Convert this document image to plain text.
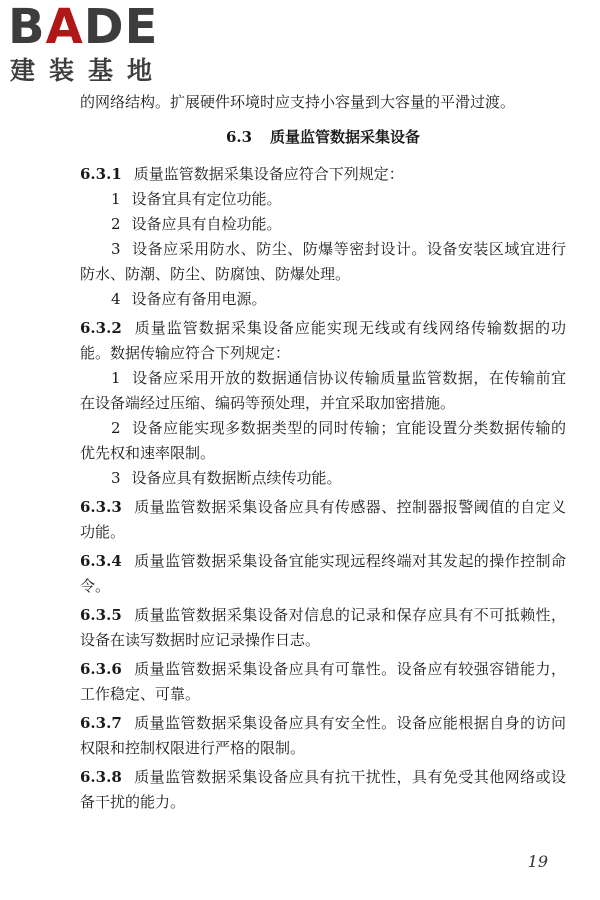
BADE
建装基地

的网络结构。扩展硬件环境时应支持小容量到大容量的平滑过渡。

6.3 质量监管数据采集设备

6.3.1 质量监管数据采集设备应符合下列规定：

1 设备宜具有定位功能。

2 设备应具有自检功能。

3 设备应采用防水、防尘、防爆等密封设计。设备安装区域宜进行防水、防潮、防尘、防腐蚀、防爆处理。

4 设备应有备用电源。

6.3.2 质量监管数据采集设备应能实现无线或有线网络传输数据的功能。数据传输应符合下列规定：

1 设备应采用开放的数据通信协议传输质量监管数据，在传输前宜在设备端经过压缩、编码等预处理，并宜采取加密措施。

2 设备应能实现多数据类型的同时传输；宜能设置分类数据传输的优先权和速率限制。

3 设备应具有数据断点续传功能。

6.3.3 质量监管数据采集设备应具有传感器、控制器报警阈值的自定义功能。

6.3.4 质量监管数据采集设备宜能实现远程终端对其发起的操作控制命令。

6.3.5 质量监管数据采集设备对信息的记录和保存应具有不可抵赖性，设备在读写数据时应记录操作日志。

6.3.6 质量监管数据采集设备应具有可靠性。设备应有较强容错能力，工作稳定、可靠。

6.3.7 质量监管数据采集设备应具有安全性。设备应能根据自身的访问权限和控制权限进行严格的限制。

6.3.8 质量监管数据采集设备应具有抗干扰性，具有免受其他网络或设备干扰的能力。

19
